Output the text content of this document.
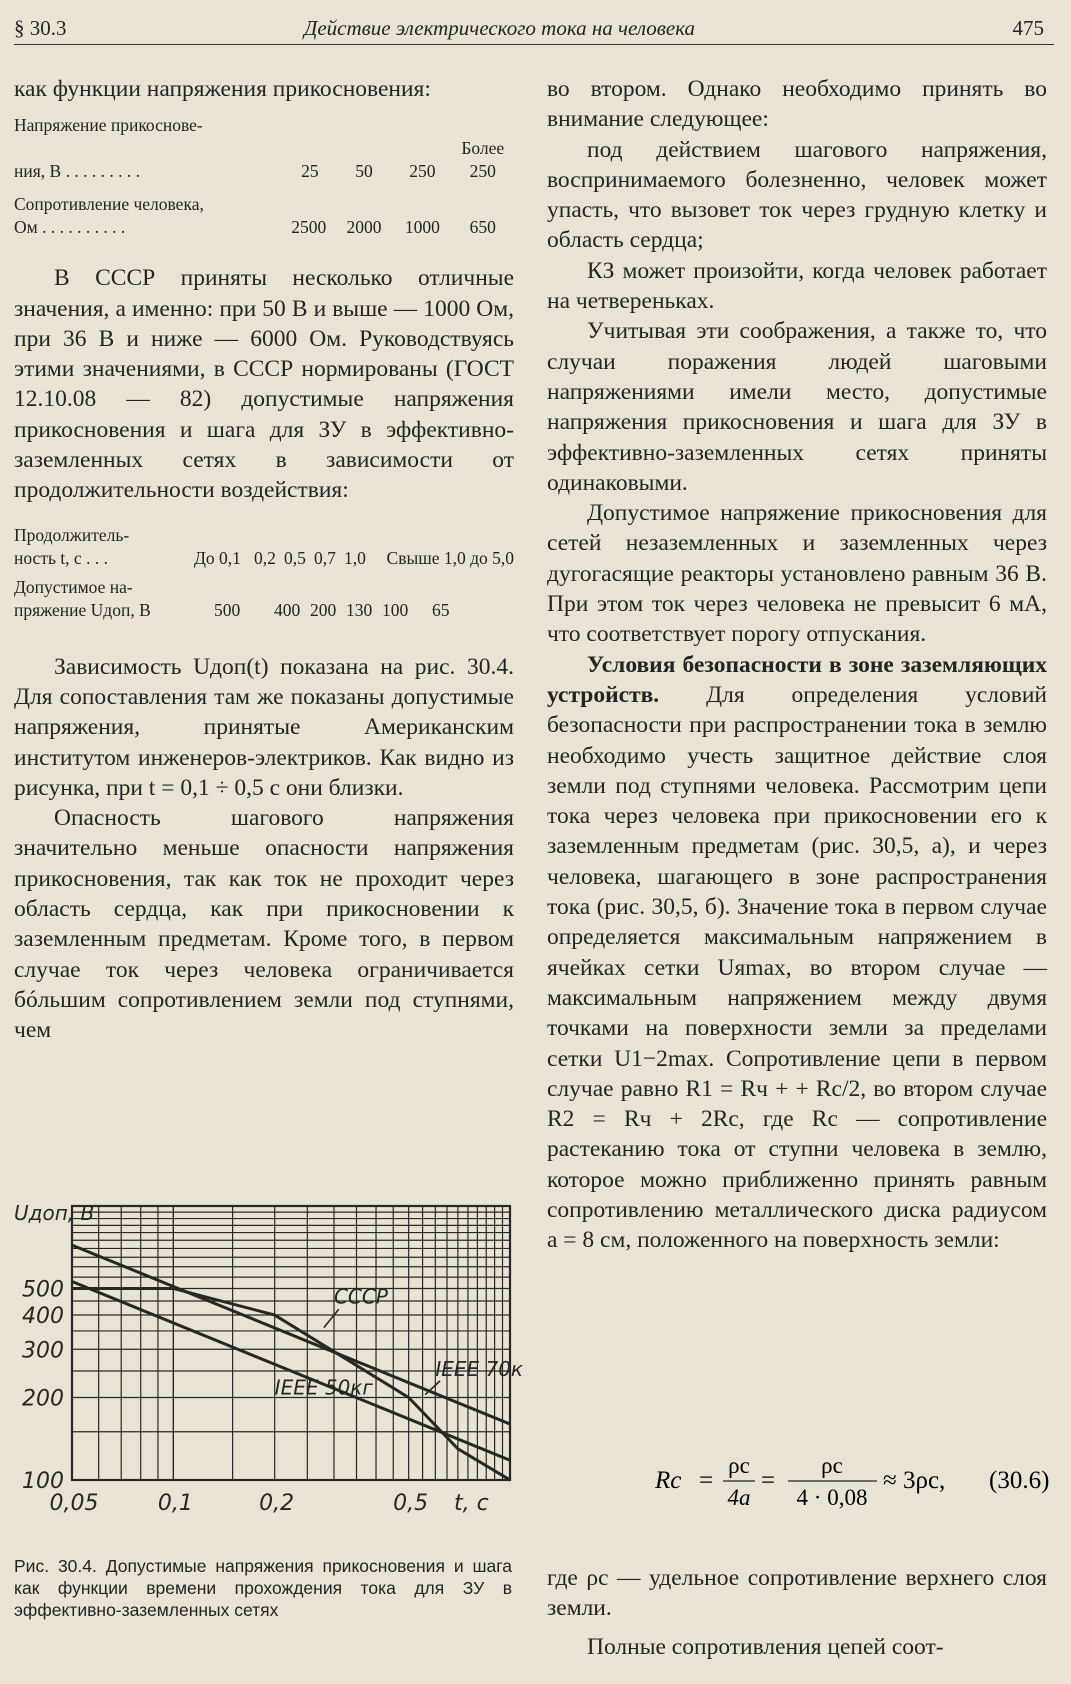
§ 30.3	Действие электрического тока на человека	475

как функции напряжения прикосновения:

Напряжение прикоснове-
ния, В . . . . . . . . .	25	50	250	Более 250
Сопротивление человека,
Ом . . . . . . . . . .	2500	2000	1000	650

В СССР приняты несколько отличные значения, а именно: при 50 В и выше — 1000 Ом, при 36 В и ниже — 6000 Ом. Руководствуясь этими значениями, в СССР нормированы (ГОСТ 12.10.08 — 82) допустимые напряжения прикосновения и шага для ЗУ в эффективно-заземленных сетях в зависимости от продолжительности воздействия:

Продолжитель-
ность t, с . . .	До 0,1	0,2	0,5	0,7	1,0	Свыше 1,0 до 5,0
Допустимое на-
пряжение Uдоп, В	500	400	200	130	100	65

Зависимость Uдоп(t) показана на рис. 30.4. Для сопоставления там же показаны допустимые напряжения, принятые Американским институтом инженеров-электриков. Как видно из рисунка, при t = 0,1 ÷ 0,5 с они близки.

Опасность шагового напряжения значительно меньше опасности напряжения прикосновения, так как ток не проходит через область сердца, как при прикосновении к заземленным предметам. Кроме того, в первом случае ток через человека ограничивается бóльшим сопротивлением земли под ступнями, чем

100
200
300
400
500
0,05	0,1	0,2	0,5
Uдоп, В
t, с
СССР
IEEE 70кг
IEEE 50кг
Рис. 30.4. Допустимые напряжения прикосновения и шага как функции времени прохождения тока для ЗУ в эффективно-заземленных сетях

во втором. Однако необходимо принять во внимание следующее:

под действием шагового напряжения, воспринимаемого болезненно, человек может упасть, что вызовет ток через грудную клетку и область сердца;

КЗ может произойти, когда человек работает на четвереньках.

Учитывая эти соображения, а также то, что случаи поражения людей шаговыми напряжениями имели место, допустимые напряжения прикосновения и шага для ЗУ в эффективно-заземленных сетях приняты одинаковыми.

Допустимое напряжение прикосновения для сетей незаземленных и заземленных через дугогасящие реакторы установлено равным 36 В. При этом ток через человека не превысит 6 мА, что соответствует порогу отпускания.

Условия безопасности в зоне заземляющих устройств. Для определения условий безопасности при распространении тока в землю необходимо учесть защитное действие слоя земли под ступнями человека. Рассмотрим цепи тока через человека при прикосновении его к заземленным предметам (рис. 30,5, а), и через человека, шагающего в зоне распространения тока (рис. 30,5, б). Значение тока в первом случае определяется максимальным напряжением в ячейках сетки Uяmax, во втором случае — максимальным напряжением между двумя точками на поверхности земли за пределами сетки U1−2max. Сопротивление цепи в первом случае равно R1 = Rч + + Rс/2, во втором случае R2 = Rч + 2Rс, где Rс — сопротивление растеканию тока от ступни человека в землю, которое можно приближенно принять равным сопротивлению металлического диска радиусом a = 8 см, положенного на поверхность земли:

Rс =
ρс
4a
=
ρс
4 · 0,08
≈ 3ρс, (30.6)

где ρс — удельное сопротивление верхнего слоя земли.

Полные сопротивления цепей соот-
